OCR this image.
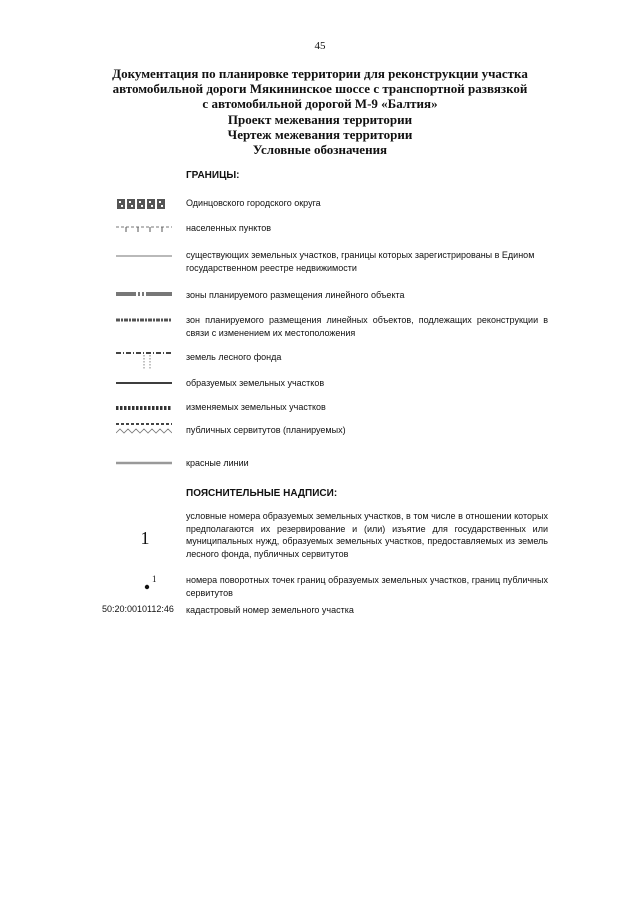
45
Документация по планировке территории для реконструкции участка
автомобильной дороги Мякининское шоссе с транспортной развязкой
с автомобильной дорогой М-9 «Балтия»
Проект межевания территории
Чертеж межевания территории
Условные обозначения
ГРАНИЦЫ:
Одинцовского городского округа
населенных пунктов
существующих земельных участков, границы которых зарегистрированы в Едином государственном реестре недвижимости
зоны планируемого размещения линейного объекта
зон планируемого размещения линейных объектов, подлежащих реконструкции в связи с изменением их местоположения
земель лесного фонда
образуемых земельных участков
изменяемых земельных участков
публичных сервитутов (планируемых)
красные линии
ПОЯСНИТЕЛЬНЫЕ НАДПИСИ:
1
условные номера образуемых земельных участков, в том числе в отношении которых предполагаются их резервирование и (или) изъятие для государственных или муниципальных нужд, образуемых земельных участков, предоставляемых из земель лесного фонда, публичных сервитутов
1	номера поворотных точек границ образуемых земельных участков, границ публичных сервитутов
50:20:0010112:46 кадастровый номер земельного участка
